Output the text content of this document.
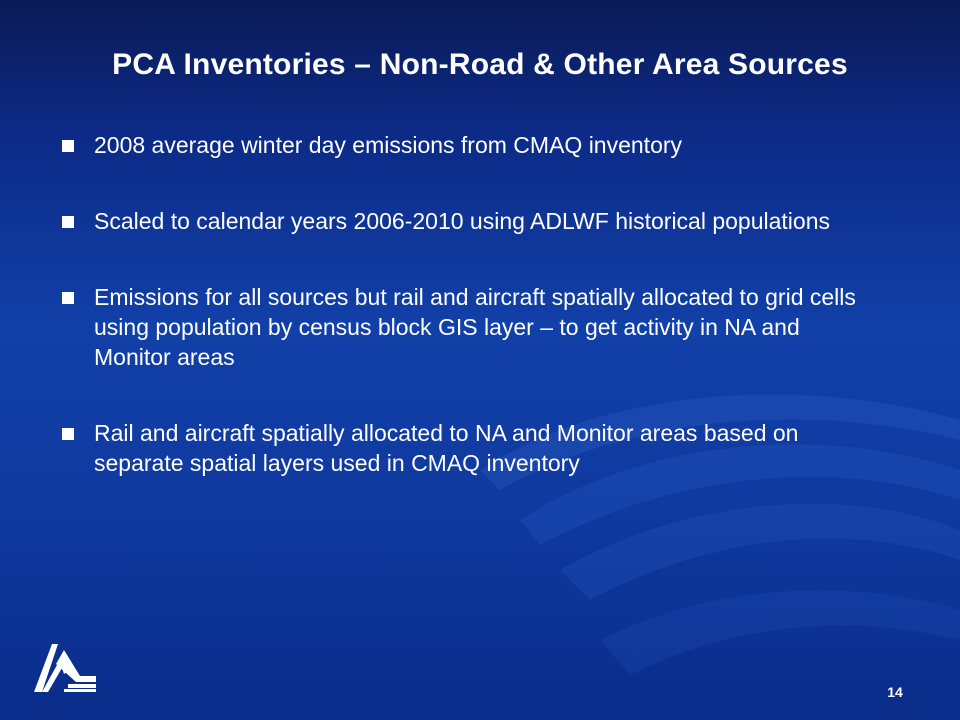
PCA Inventories – Non-Road & Other Area Sources
2008 average winter day emissions from CMAQ inventory
Scaled to calendar years 2006-2010 using ADLWF historical populations
Emissions for all sources but rail and aircraft spatially allocated to grid cells using population by census block GIS layer – to get activity in NA and Monitor areas
Rail and aircraft spatially allocated to NA and Monitor areas based on separate spatial layers used in CMAQ inventory
14
